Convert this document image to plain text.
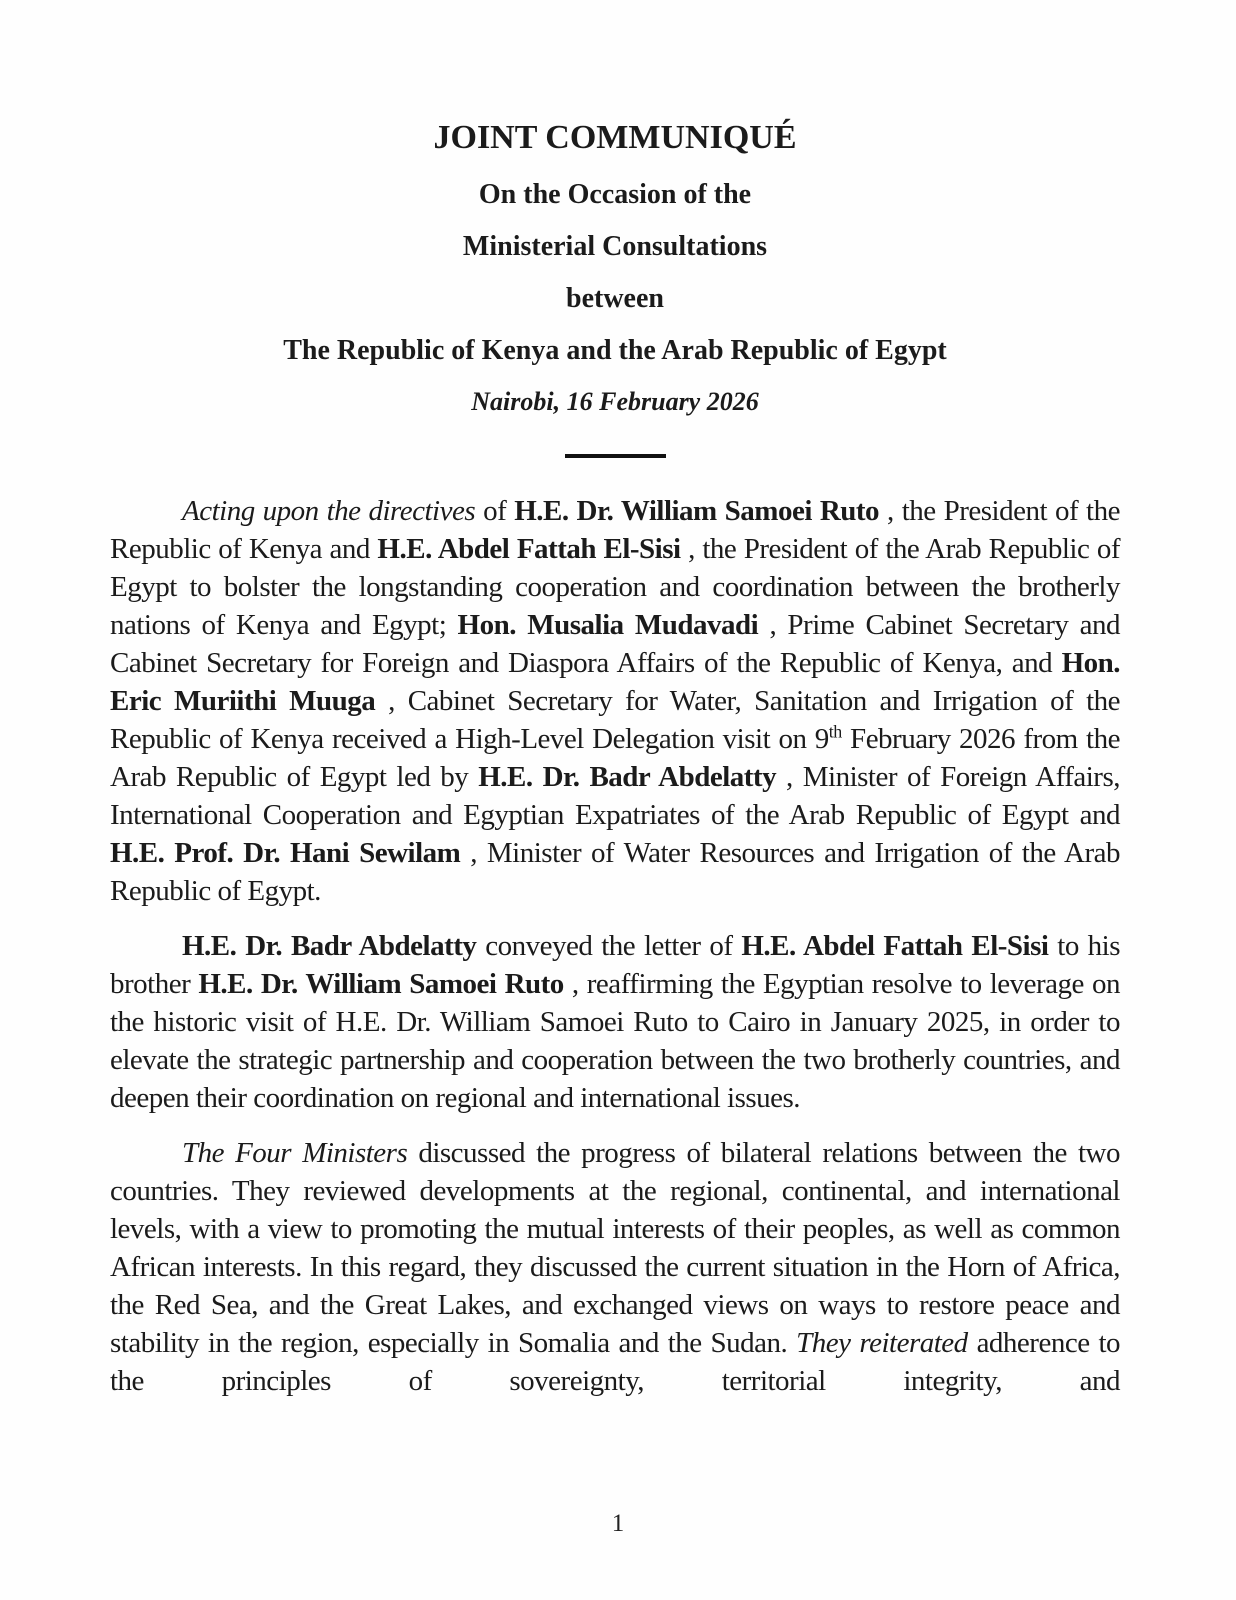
JOINT COMMUNIQUÉ

On the Occasion of the

Ministerial Consultations

between

The Republic of Kenya and the Arab Republic of Egypt

Nairobi, 16 February 2026

Acting upon the directives of H.E. Dr. William Samoei Ruto , the President of the Republic of Kenya and H.E. Abdel Fattah El-Sisi , the President of the Arab Republic of Egypt to bolster the longstanding cooperation and coordination between the brotherly nations of Kenya and Egypt; Hon. Musalia Mudavadi , Prime Cabinet Secretary and Cabinet Secretary for Foreign and Diaspora Affairs of the Republic of Kenya, and Hon. Eric Muriithi Muuga , Cabinet Secretary for Water, Sanitation and Irrigation of the Republic of Kenya received a High-Level Delegation visit on 9th February 2026 from the Arab Republic of Egypt led by H.E. Dr. Badr Abdelatty , Minister of Foreign Affairs, International Cooperation and Egyptian Expatriates of the Arab Republic of Egypt and H.E. Prof. Dr. Hani Sewilam , Minister of Water Resources and Irrigation of the Arab Republic of Egypt.

H.E. Dr. Badr Abdelatty conveyed the letter of H.E. Abdel Fattah El-Sisi to his brother H.E. Dr. William Samoei Ruto , reaffirming the Egyptian resolve to leverage on the historic visit of H.E. Dr. William Samoei Ruto to Cairo in January 2025, in order to elevate the strategic partnership and cooperation between the two brotherly countries, and deepen their coordination on regional and international issues.

The Four Ministers discussed the progress of bilateral relations between the two countries. They reviewed developments at the regional, continental, and international levels, with a view to promoting the mutual interests of their peoples, as well as common African interests. In this regard, they discussed the current situation in the Horn of Africa, the Red Sea, and the Great Lakes, and exchanged views on ways to restore peace and stability in the region, especially in Somalia and the Sudan. They reiterated adherence to the principles of sovereignty, territorial integrity, and

1
